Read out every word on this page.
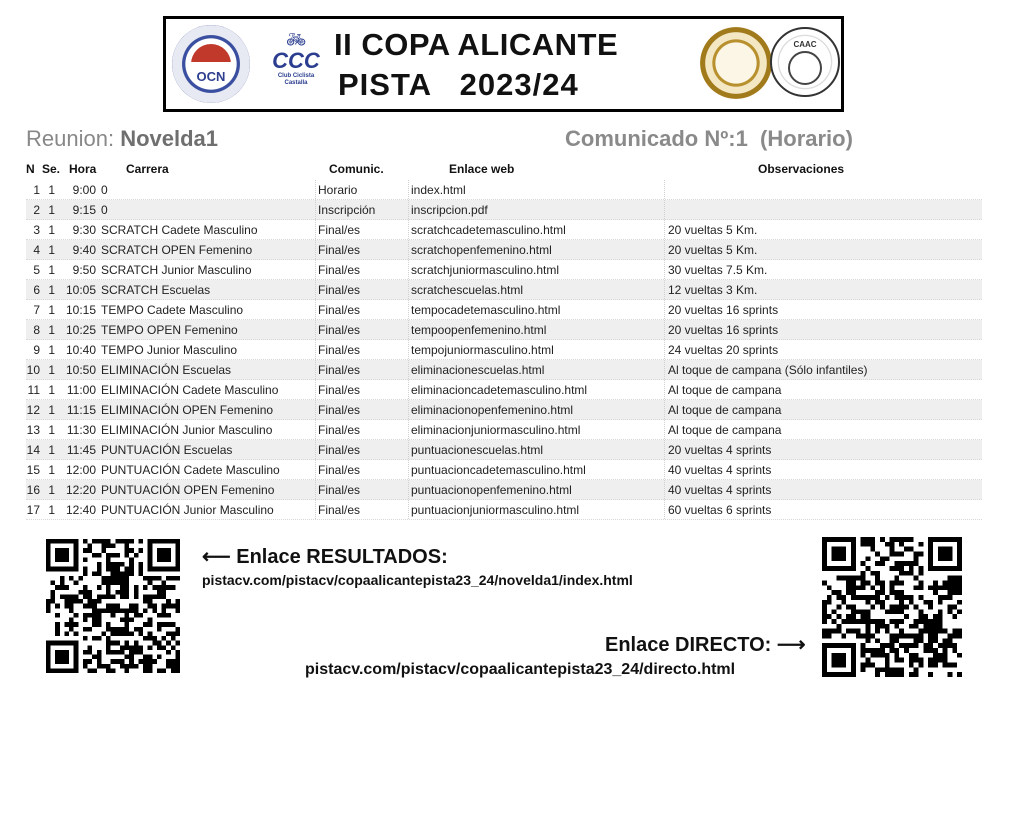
OCN
🚲︎
CCC
Club Ciclista
Castalla
II COPA ALICANTE
PISTA   2023/24
CAAC
Reunion: Novelda1	Comunicado Nº:1  (Horario)
N Se. Hora Carrera	Comunic.	Enlace web	Observaciones
1 1	9:00 0	Horario	index.html
2 1	9:15 0	Inscripción	inscripcion.pdf
3 1	9:30 SCRATCH Cadete Masculino	Final/es	scratchcadetemasculino.html	20 vueltas 5 Km.
4 1	9:40 SCRATCH OPEN Femenino	Final/es	scratchopenfemenino.html	20 vueltas 5 Km.
5 1	9:50 SCRATCH Junior Masculino	Final/es	scratchjuniormasculino.html	30 vueltas 7.5 Km.
6 1 10:05 SCRATCH Escuelas	Final/es	scratchescuelas.html	12 vueltas 3 Km.
7 1 10:15 TEMPO Cadete Masculino	Final/es	tempocadetemasculino.html	20 vueltas 16 sprints
8 1 10:25 TEMPO OPEN Femenino	Final/es	tempoopenfemenino.html	20 vueltas 16 sprints
9 1 10:40 TEMPO Junior Masculino	Final/es	tempojuniormasculino.html	24 vueltas 20 sprints
10 1 10:50 ELIMINACIÓN Escuelas	Final/es	eliminacionescuelas.html	Al toque de campana (Sólo infantiles)
11 1 11:00 ELIMINACIÓN Cadete Masculino	Final/es	eliminacioncadetemasculino.html	Al toque de campana
12 1 11:15 ELIMINACIÓN OPEN Femenino	Final/es	eliminacionopenfemenino.html	Al toque de campana
13 1 11:30 ELIMINACIÓN Junior Masculino	Final/es	eliminacionjuniormasculino.html	Al toque de campana
14 1 11:45 PUNTUACIÓN Escuelas	Final/es	puntuacionescuelas.html	20 vueltas 4 sprints
15 1 12:00 PUNTUACIÓN Cadete Masculino	Final/es	puntuacioncadetemasculino.html	40 vueltas 4 sprints
16 1 12:20 PUNTUACIÓN OPEN Femenino	Final/es	puntuacionopenfemenino.html	40 vueltas 4 sprints
17 1 12:40 PUNTUACIÓN Junior Masculino	Final/es	puntuacionjuniormasculino.html	60 vueltas 6 sprints
⟵ Enlace RESULTADOS:
pistacv.com/pistacv/copaalicantepista23_24/novelda1/index.html
Enlace DIRECTO: ⟶
pistacv.com/pistacv/copaalicantepista23_24/directo.html
